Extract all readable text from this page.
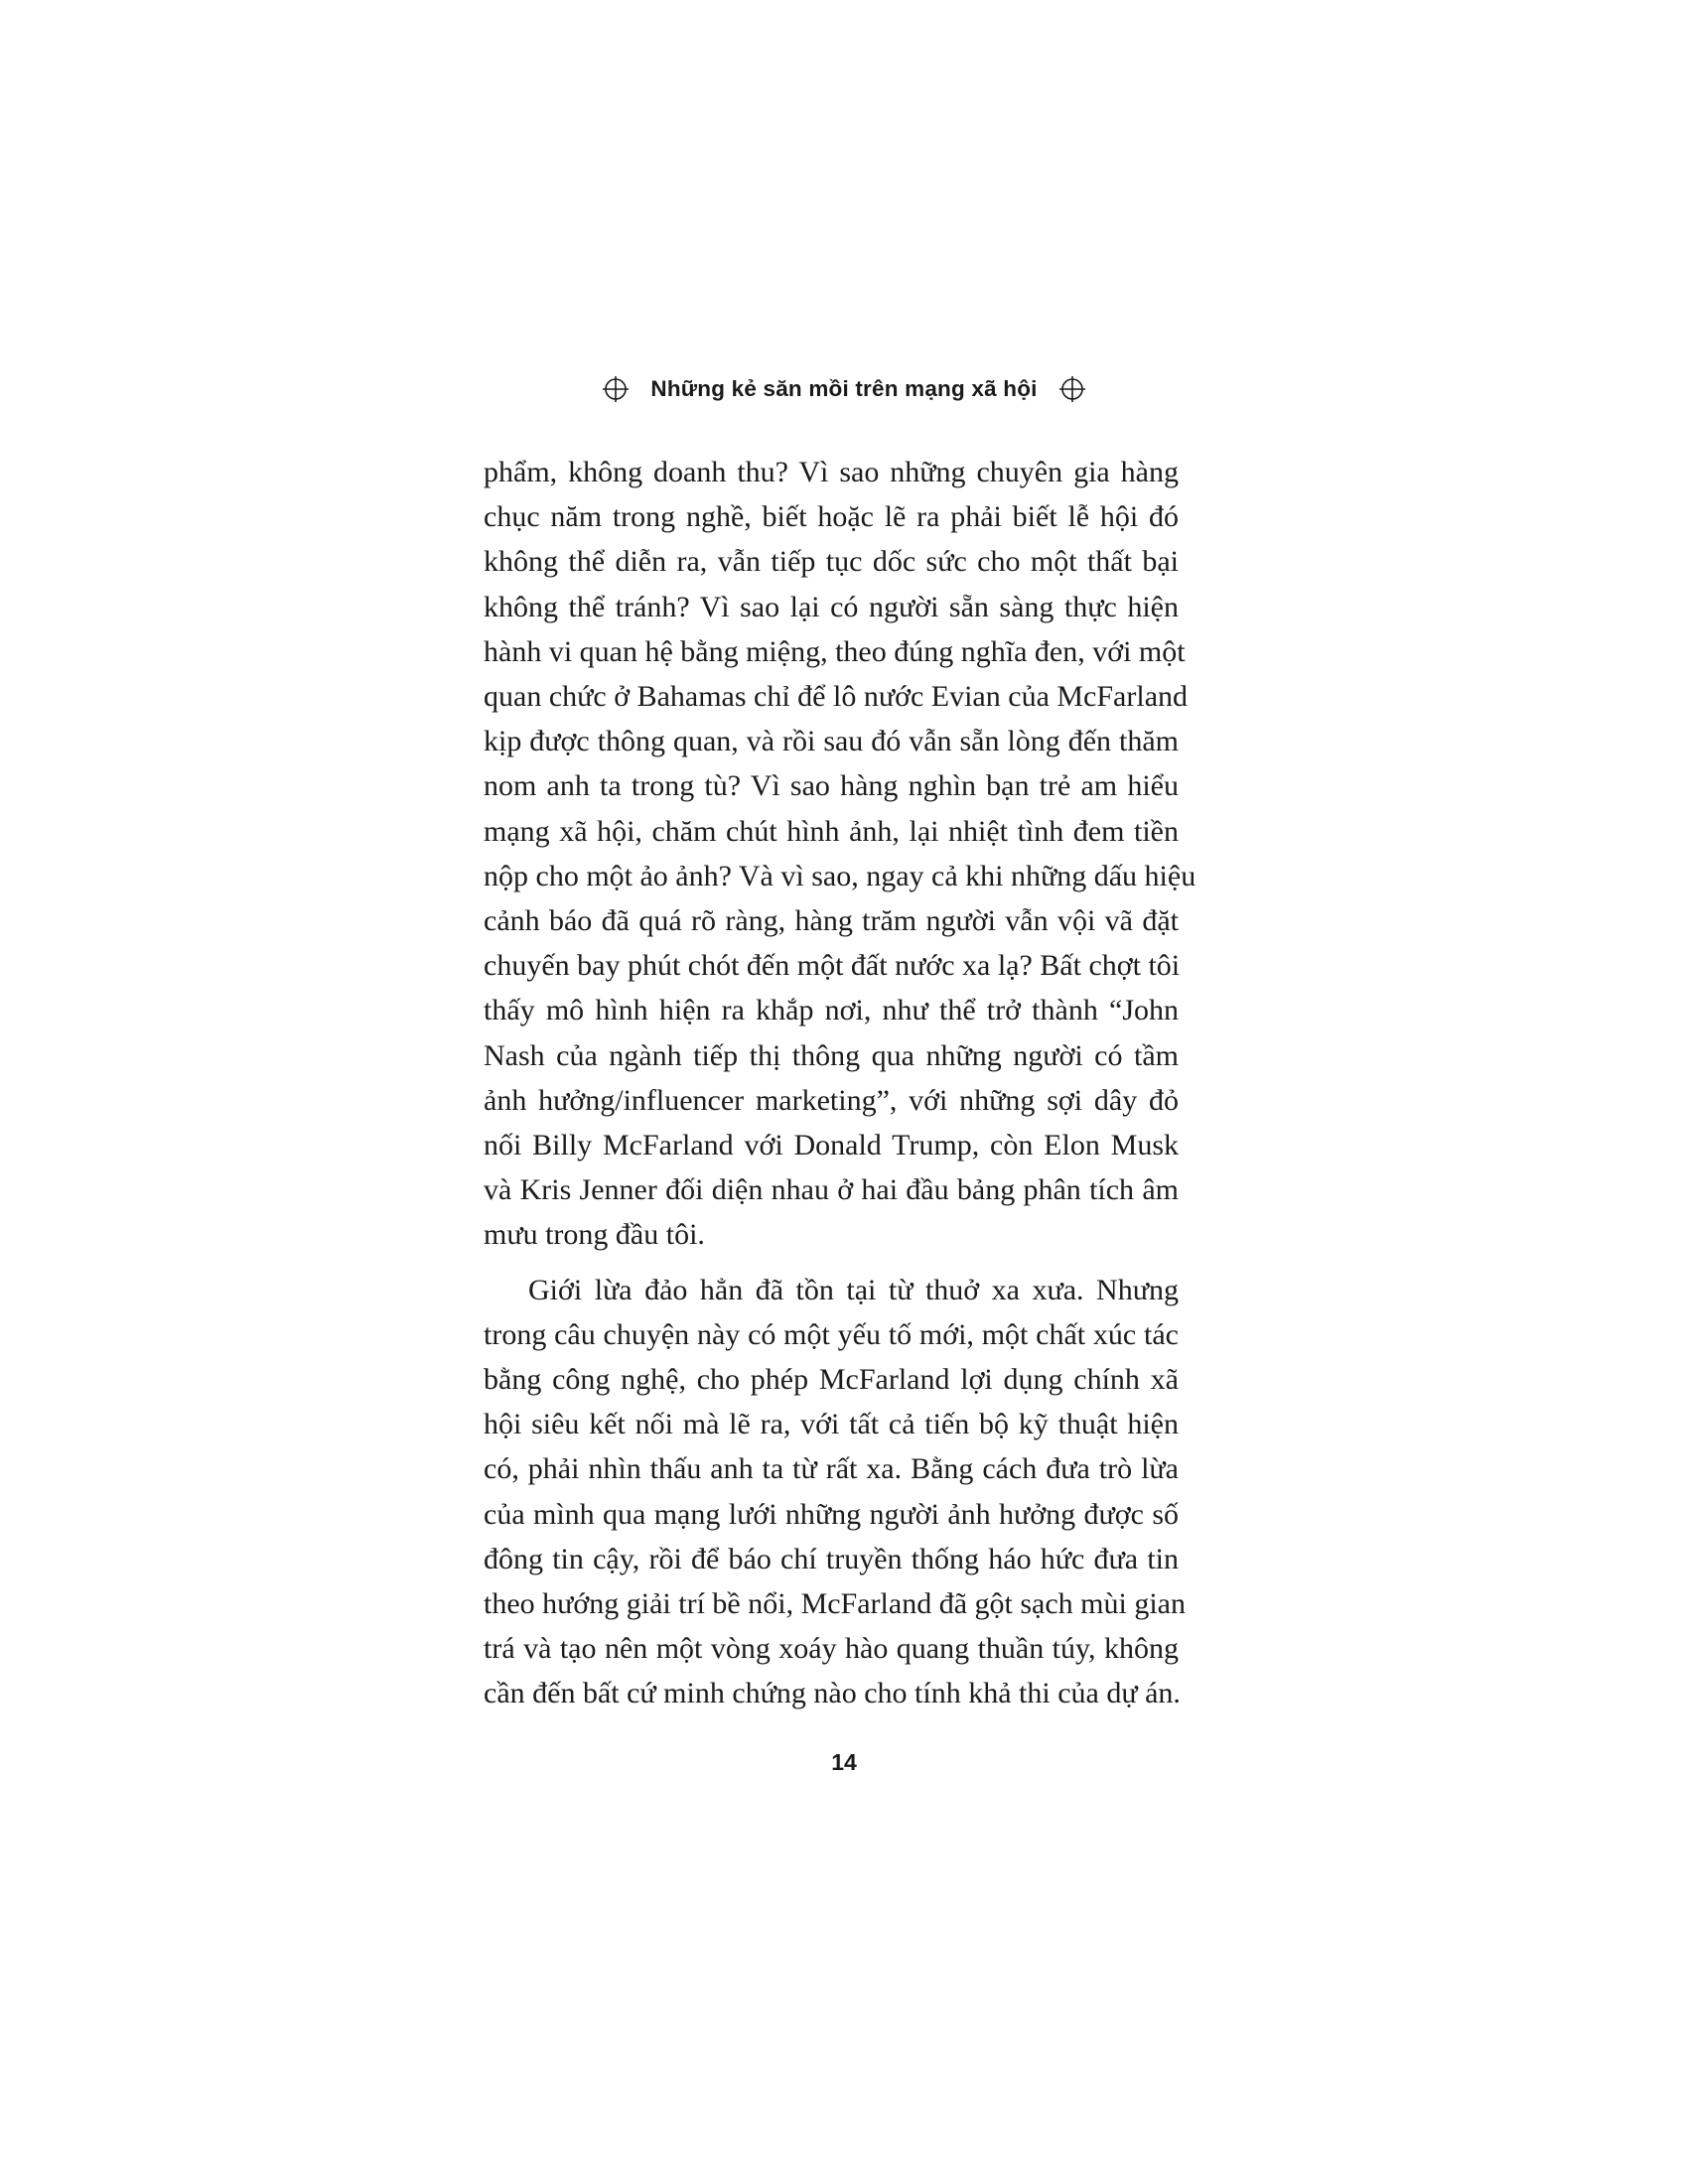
Những kẻ săn mồi trên mạng xã hội
phẩm, không doanh thu? Vì sao những chuyên gia hàng
chục năm trong nghề, biết hoặc lẽ ra phải biết lễ hội đó
không thể diễn ra, vẫn tiếp tục dốc sức cho một thất bại
không thể tránh? Vì sao lại có người sẵn sàng thực hiện
hành vi quan hệ bằng miệng, theo đúng nghĩa đen, với một
quan chức ở Bahamas chỉ để lô nước Evian của McFarland
kịp được thông quan, và rồi sau đó vẫn sẵn lòng đến thăm
nom anh ta trong tù? Vì sao hàng nghìn bạn trẻ am hiểu
mạng xã hội, chăm chút hình ảnh, lại nhiệt tình đem tiền
nộp cho một ảo ảnh? Và vì sao, ngay cả khi những dấu hiệu
cảnh báo đã quá rõ ràng, hàng trăm người vẫn vội vã đặt
chuyến bay phút chót đến một đất nước xa lạ? Bất chợt tôi
thấy mô hình hiện ra khắp nơi, như thể trở thành “John
Nash của ngành tiếp thị thông qua những người có tầm
ảnh hưởng/influencer marketing”, với những sợi dây đỏ
nối Billy McFarland với Donald Trump, còn Elon Musk
và Kris Jenner đối diện nhau ở hai đầu bảng phân tích âm
mưu trong đầu tôi.
Giới lừa đảo hẳn đã tồn tại từ thuở xa xưa. Nhưng
trong câu chuyện này có một yếu tố mới, một chất xúc tác
bằng công nghệ, cho phép McFarland lợi dụng chính xã
hội siêu kết nối mà lẽ ra, với tất cả tiến bộ kỹ thuật hiện
có, phải nhìn thấu anh ta từ rất xa. Bằng cách đưa trò lừa
của mình qua mạng lưới những người ảnh hưởng được số
đông tin cậy, rồi để báo chí truyền thống háo hức đưa tin
theo hướng giải trí bề nổi, McFarland đã gột sạch mùi gian
trá và tạo nên một vòng xoáy hào quang thuần túy, không
cần đến bất cứ minh chứng nào cho tính khả thi của dự án.
14
